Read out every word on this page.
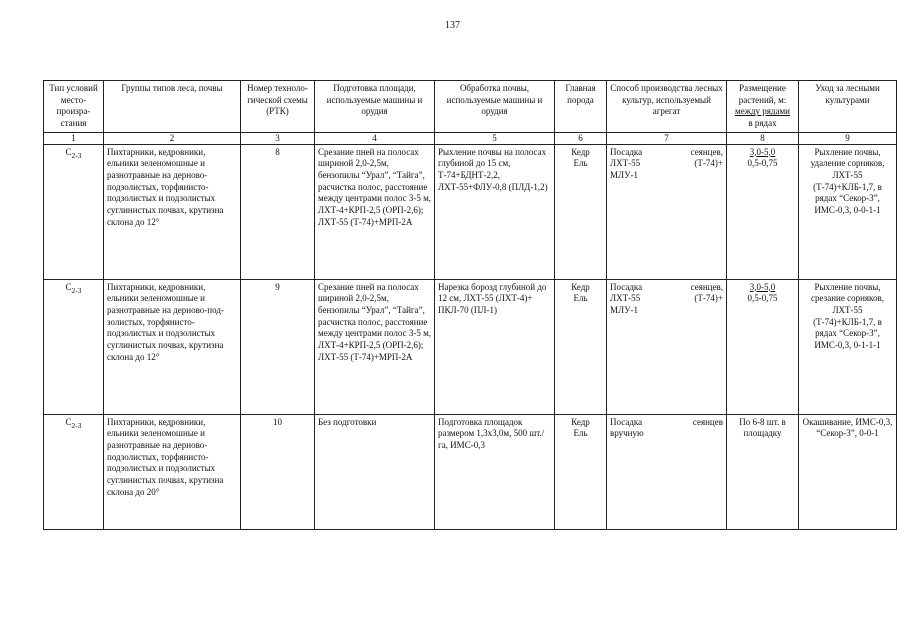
137
Тип условий место-произра-стания	Группы типов леса, почвы	Номер техноло-гической схемы (РТК)	Подготовка площади, используемые машины и орудия	Обработка почвы, используемые машины и орудия	Главная порода	Способ производства лесных культур, используемый агрегат	Размещение
растений, м:
между рядами
в рядах	Уход за лесными культурами
1	2	3	4	5	6	7	8	9
$С_{2-3}$	Пихтарники, кедровники, ельники зеленомошные и разнотравные на дерново-подзолистых, торфянисто-подзолистых и подзолистых суглинистых почвах, крутизна склона до 12°	8	Срезание пней на полосах шириной 2,0-2,5м, бензопилы “Урал”, “Тайга”, расчистка полос, расстояние между центрами полос 3-5 м, ЛХТ-4+КРП-2,5 (ОРП-2,6); ЛХТ-55 (Т-74)+МРП-2А	Рыхление почвы на полосах глубиной до 15 см, Т-74+БДНТ-2,2, ЛХТ-55+ФЛУ-0,8 (ПЛД-1,2)	Кедр
Ель	Посадка сеянцев,
ЛХТ-55 (Т-74)+
МЛУ-1	3,0-5,0
0,5-0,75	Рыхление почвы, удаление сорняков, ЛХТ-55 (Т-74)+КЛБ-1,7, в рядах “Секор-3”, ИМС-0,3, 0-0-1-1
$С_{2-3}$	Пихтарники, кедровники, ельники зеленомошные и разнотравные на дерново-под-золистых, торфянисто-подзолистых и подзолистых суглинистых почвах, крутизна склона до 12°	9	Срезание пней на полосах шириной 2,0-2,5м, бензопилы “Урал”, “Тайга”, расчистка полос, расстояние между центрами полос 3-5 м, ЛХТ-4+КРП-2,5 (ОРП-2,6); ЛХТ-55 (Т-74)+МРП-2А	Нарезка борозд глубиной до 12 см, ЛХТ-55 (ЛХТ-4)+ ПКЛ-70 (ПЛ-1)	Кедр
Ель	Посадка сеянцев,
ЛХТ-55 (Т-74)+
МЛУ-1	3,0-5,0
0,5-0,75	Рыхление почвы, срезание сорняков, ЛХТ-55 (Т-74)+КЛБ-1,7, в рядах “Секор-3”, ИМС-0,3, 0-1-1-1
$С_{2-3}$	Пихтарники, кедровники, ельники зеленомошные и разнотравные на дерново-подзолистых, торфянисто-подзолистых и подзолистых суглинистых почвах, крутизна склона до 20°	10	Без подготовки	Подготовка площадок размером 1,3х3,0м, 500 шт./га, ИМС-0,3	Кедр
Ель	Посадка сеянцев
вручную	По 6-8 шт. в площадку	Окашивание, ИМС-0,3, “Секор-3”, 0-0-1
